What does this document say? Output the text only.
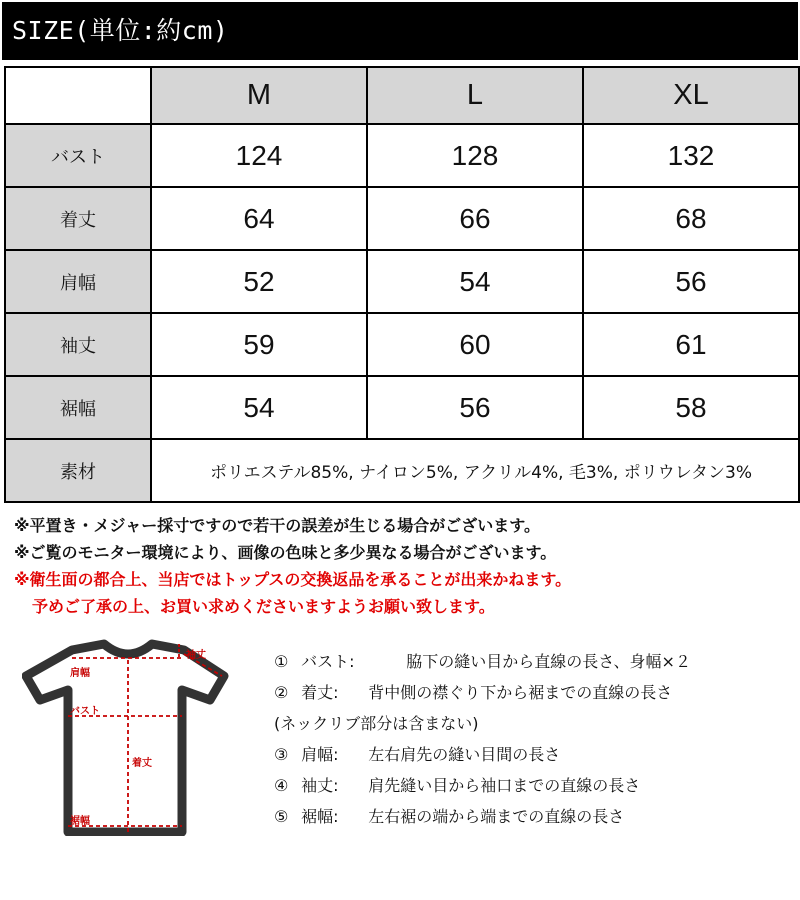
SIZE(単位:約cm)
	M	L	XL
バスト	124	128	132
着丈	64	66	68
肩幅	52	54	56
袖丈	59	60	61
裾幅	54	56	58
素材	ポリエステル85%, ナイロン5%, アクリル4%, 毛3%, ポリウレタン3%		
※平置き・メジャー採寸ですので若干の誤差が生じる場合がございます。
※ご覧のモニター環境により、画像の色味と多少異なる場合がございます。
※衛生面の都合上、当店ではトップスの交換返品を承ることが出来かねます。
予めご了承の上、お買い求めくださいますようお願い致します。
袖丈
肩幅
バスト
着丈
裾幅
① バスト:	脇下の縫い目から直線の長さ、身幅×２
② 着丈: 背中側の襟ぐり下から裾までの直線の長さ
(ネックリブ部分は含まない)
③ 肩幅: 左右肩先の縫い目間の長さ
④ 袖丈: 肩先縫い目から袖口までの直線の長さ
⑤ 裾幅: 左右裾の端から端までの直線の長さ
